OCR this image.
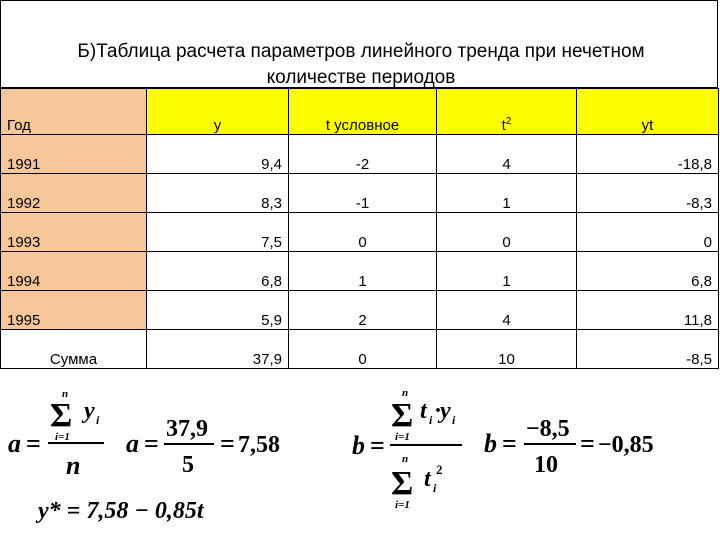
Б)Таблица расчета параметров линейного тренда при нечетном
количестве периодов
Год	у	t условное	$t^2$	yt
1991	9,4	-2	4	-18,8
1992	8,3	-1	1	-8,3
1993	7,5	0	0	0
1994	6,8	1	1	6,8
1995	5,9	2	4	11,8
Сумма	37,9	0	10	-8,5
a =
n
Σ
i=1
y i
n
a = 37,9
5
= 7,58	b =
n
Σ
i=1
t i ·
y i
n
Σ
i=1
t i
2
b = −8,5
10
= −0,85
y* = 7,58 − 0,85t
